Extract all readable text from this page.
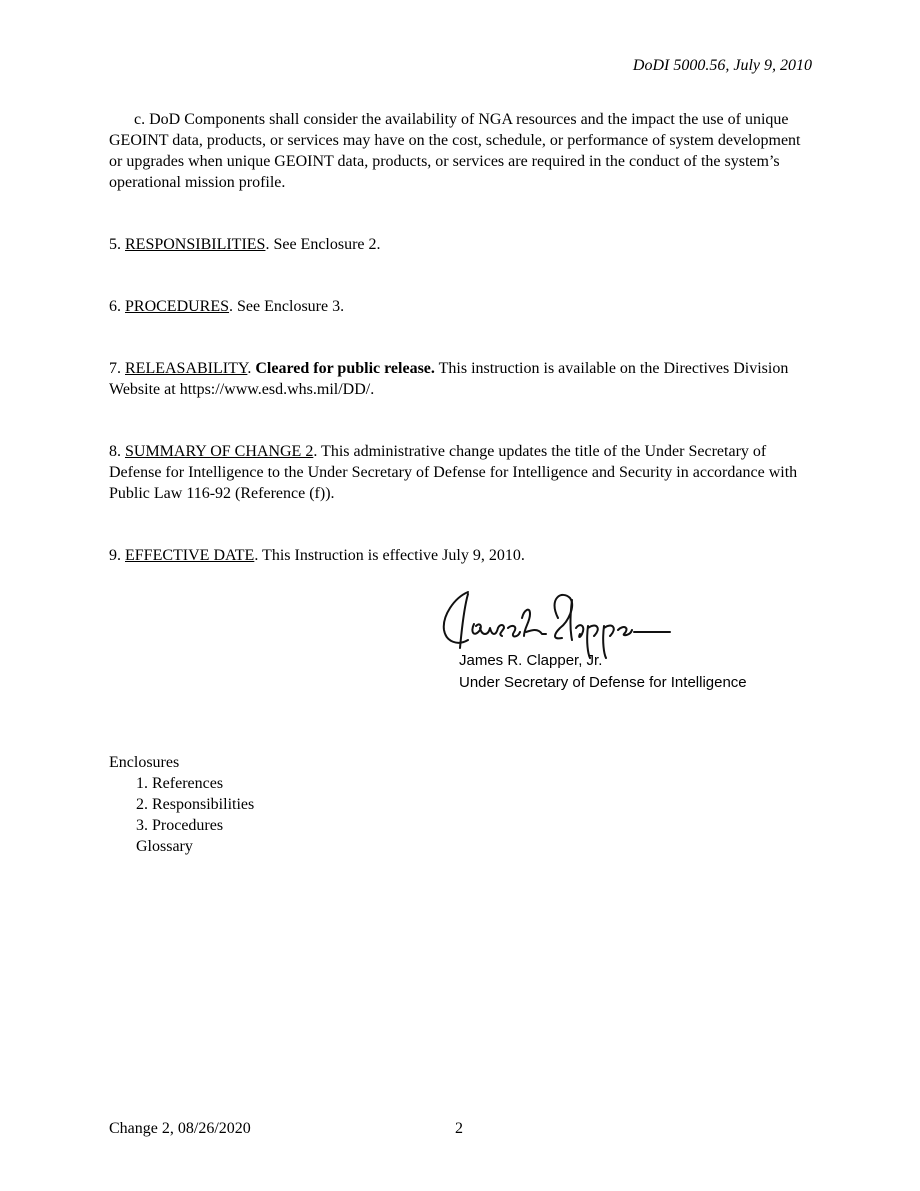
DoDI 5000.56, July 9, 2010

c. DoD Components shall consider the availability of NGA resources and the impact the use of unique GEOINT data, products, or services may have on the cost, schedule, or performance of system development or upgrades when unique GEOINT data, products, or services are required in the conduct of the system’s operational mission profile.

5. RESPONSIBILITIES. See Enclosure 2.

6. PROCEDURES. See Enclosure 3.

7. RELEASABILITY. Cleared for public release. This instruction is available on the Directives Division Website at https://www.esd.whs.mil/DD/.

8. SUMMARY OF CHANGE 2. This administrative change updates the title of the Under Secretary of Defense for Intelligence to the Under Secretary of Defense for Intelligence and Security in accordance with Public Law 116-92 (Reference (f)).

9. EFFECTIVE DATE. This Instruction is effective July 9, 2010.

James R. Clapper, Jr.
Under Secretary of Defense for Intelligence

Enclosures

1. References
2. Responsibilities
3. Procedures
Glossary
Change 2, 08/26/2020	2
